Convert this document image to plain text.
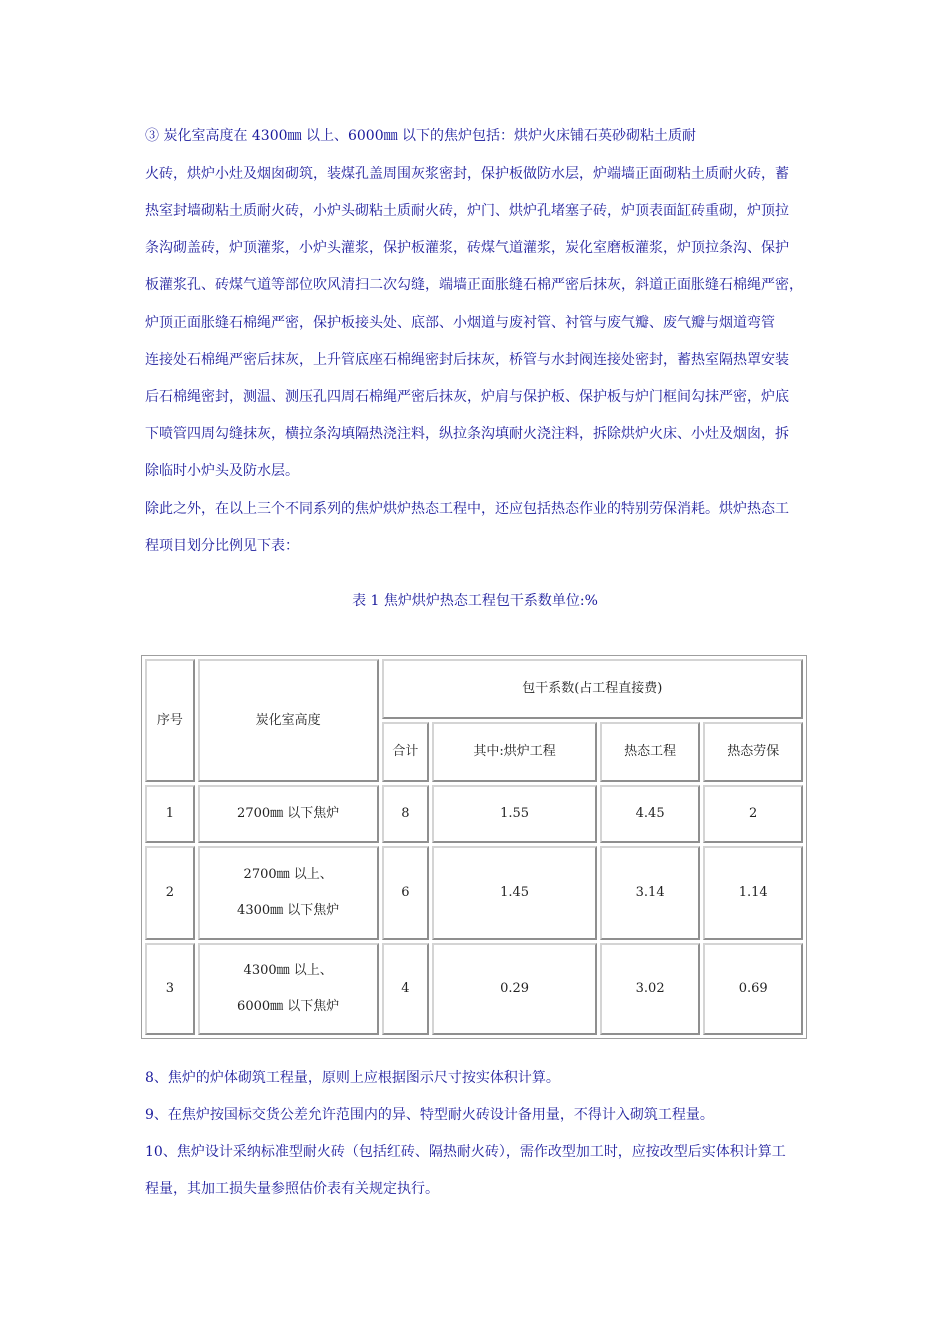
③ 炭化室高度在 4300㎜ 以上、6000㎜ 以下的焦炉包括：烘炉火床铺石英砂砌粘土质耐
火砖，烘炉小灶及烟囱砌筑，装煤孔盖周围灰浆密封，保护板做防水层，炉端墙正面砌粘土质耐火砖，蓄
热室封墙砌粘土质耐火砖，小炉头砌粘土质耐火砖，炉门、烘炉孔堵塞子砖，炉顶表面缸砖重砌，炉顶拉
条沟砌盖砖，炉顶灌浆，小炉头灌浆，保护板灌浆，砖煤气道灌浆，炭化室磨板灌浆，炉顶拉条沟、保护
板灌浆孔、砖煤气道等部位吹风清扫二次勾缝，端墙正面胀缝石棉严密后抹灰，斜道正面胀缝石棉绳严密，
炉顶正面胀缝石棉绳严密，保护板接头处、底部、小烟道与废衬管、衬管与废气瓣、废气瓣与烟道弯管
连接处石棉绳严密后抹灰，上升管底座石棉绳密封后抹灰，桥管与水封阀连接处密封，蓄热室隔热罩安装
后石棉绳密封，测温、测压孔四周石棉绳严密后抹灰，炉肩与保护板、保护板与炉门框间勾抹严密，炉底
下喷管四周勾缝抹灰，横拉条沟填隔热浇注料，纵拉条沟填耐火浇注料，拆除烘炉火床、小灶及烟囱，拆
除临时小炉头及防水层。
除此之外，在以上三个不同系列的焦炉烘炉热态工程中，还应包括热态作业的特别劳保消耗。烘炉热态工
程项目划分比例见下表：
表 1 焦炉烘炉热态工程包干系数单位:%
序号	炭化室高度	包干系数(占工程直接费)			
		合计	其中:烘炉工程	热态工程	热态劳保
1	2700㎜ 以下焦炉	8	1.55	4.45	2
2	2700㎜ 以上、
4300㎜ 以下焦炉	6	1.45	3.14	1.14
3	4300㎜ 以上、
6000㎜ 以下焦炉	4	0.29	3.02	0.69
8、焦炉的炉体砌筑工程量，原则上应根据图示尺寸按实体积计算。
9、在焦炉按国标交货公差允许范围内的异、特型耐火砖设计备用量，不得计入砌筑工程量。
10、焦炉设计采纳标准型耐火砖（包括红砖、隔热耐火砖），需作改型加工时，应按改型后实体积计算工
程量，其加工损失量参照估价表有关规定执行。
